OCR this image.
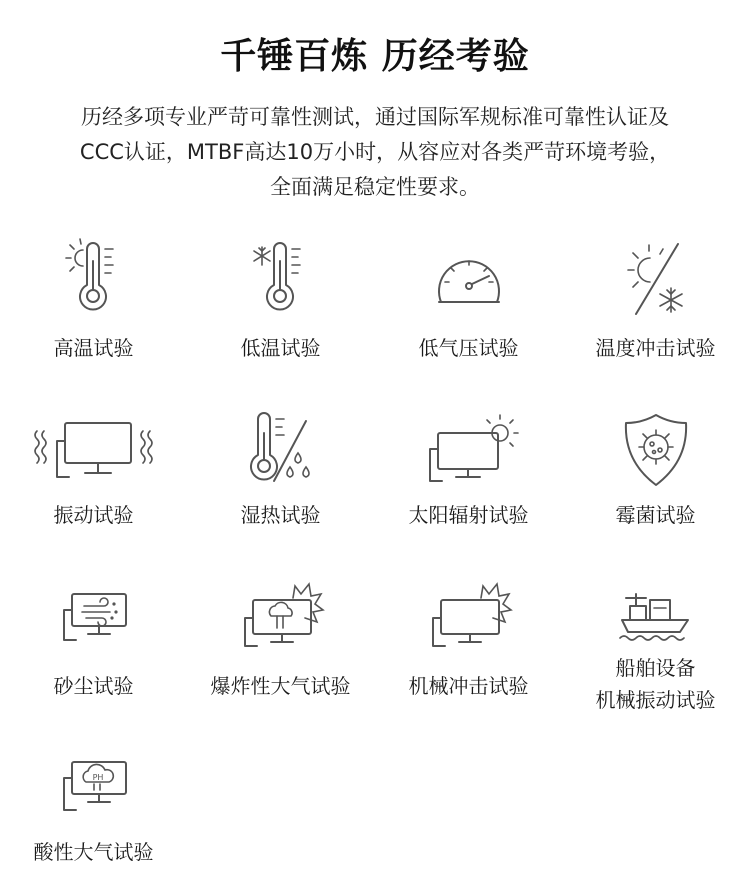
千锤百炼 历经考验
历经多项专业严苛可靠性测试，通过国际军规标准可靠性认证及
CCC认证，MTBF高达10万小时，从容应对各类严苛环境考验，
全面满足稳定性要求。
高温试验	低温试验	低气压试验	温度冲击试验
振动试验	湿热试验	太阳辐射试验	霉菌试验
砂尘试验	爆炸性大气试验	机械冲击试验
船舶设备
机械振动试验
PH
酸性大气试验
